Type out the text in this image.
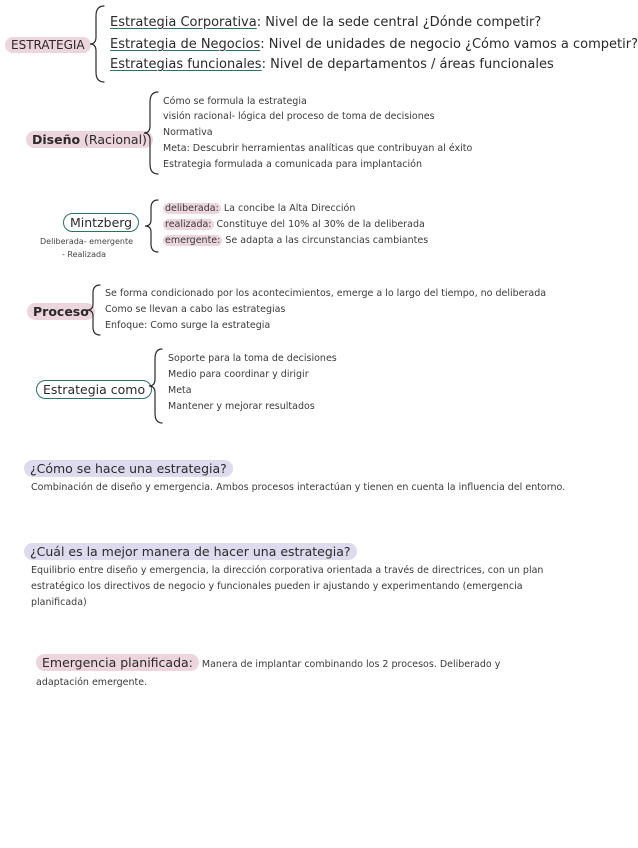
ESTRATEGIA
Estrategia Corporativa: Nivel de la sede central ¿Dónde competir?
Estrategia de Negocios: Nivel de unidades de negocio ¿Cómo vamos a competir?
Estrategias funcionales: Nivel de departamentos / áreas funcionales
Diseño (Racional)
Cómo se formula la estrategia
visión racional- lógica del proceso de toma de decisiones
Normativa
Meta: Descubrir herramientas analíticas que contribuyan al éxito
Estrategia formulada a comunicada para implantación
Mintzberg
Deliberada- emergente
- Realizada
deliberada: La concibe la Alta Dirección
realizada: Constituye del 10% al 30% de la deliberada
emergente: Se adapta a las circunstancias cambiantes
Proceso
Se forma condicionado por los acontecimientos, emerge a lo largo del tiempo, no deliberada
Como se llevan a cabo las estrategias
Enfoque: Como surge la estrategia
Estrategia como
Soporte para la toma de decisiones
Medio para coordinar y dirigir
Meta
Mantener y mejorar resultados
¿Cómo se hace una estrategia?
Combinación de diseño y emergencia. Ambos procesos interactúan y tienen en cuenta la influencia del entorno.
¿Cuál es la mejor manera de hacer una estrategia?
Equilibrio entre diseño y emergencia, la dirección corporativa orientada a través de directrices, con un plan estratégico los directivos de negocio y funcionales pueden ir ajustando y experimentando (emergencia planificada)
Emergencia planificada: Manera de implantar combinando los 2 procesos. Deliberado y adaptación emergente.
